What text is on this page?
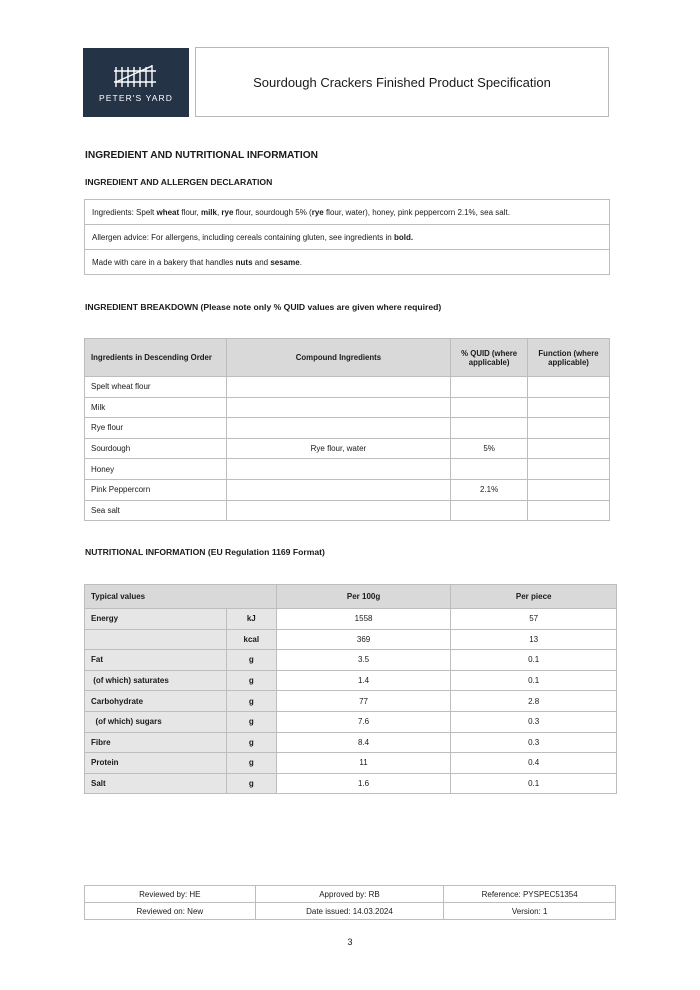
PETER'S YARD
Sourdough Crackers Finished Product Specification
INGREDIENT AND NUTRITIONAL INFORMATION
INGREDIENT AND ALLERGEN DECLARATION
Ingredients: Spelt wheat flour, milk, rye flour, sourdough 5% (rye flour, water), honey, pink peppercorn 2.1%, sea salt.
Allergen advice: For allergens, including cereals containing gluten, see ingredients in bold.
Made with care in a bakery that handles nuts and sesame.
INGREDIENT BREAKDOWN (Please note only % QUID values are given where required)
Ingredients in Descending Order	Compound Ingredients	% QUID (where applicable)	Function (where applicable)
Spelt wheat flour			
Milk			
Rye flour			
Sourdough	Rye flour, water	5%	
Honey			
Pink Peppercorn		2.1%	
Sea salt			
NUTRITIONAL INFORMATION (EU Regulation 1169 Format)
Typical values		Per 100g	Per piece
Energy	kJ	1558	57
	kcal	369	13
Fat	g	3.5	0.1
(of which) saturates	g	1.4	0.1
Carbohydrate	g	77	2.8
(of which) sugars	g	7.6	0.3
Fibre	g	8.4	0.3
Protein	g	11	0.4
Salt	g	1.6	0.1
Reviewed by: HE	Approved by: RB	Reference: PYSPEC51354
Reviewed on: New	Date issued: 14.03.2024	Version: 1
3
